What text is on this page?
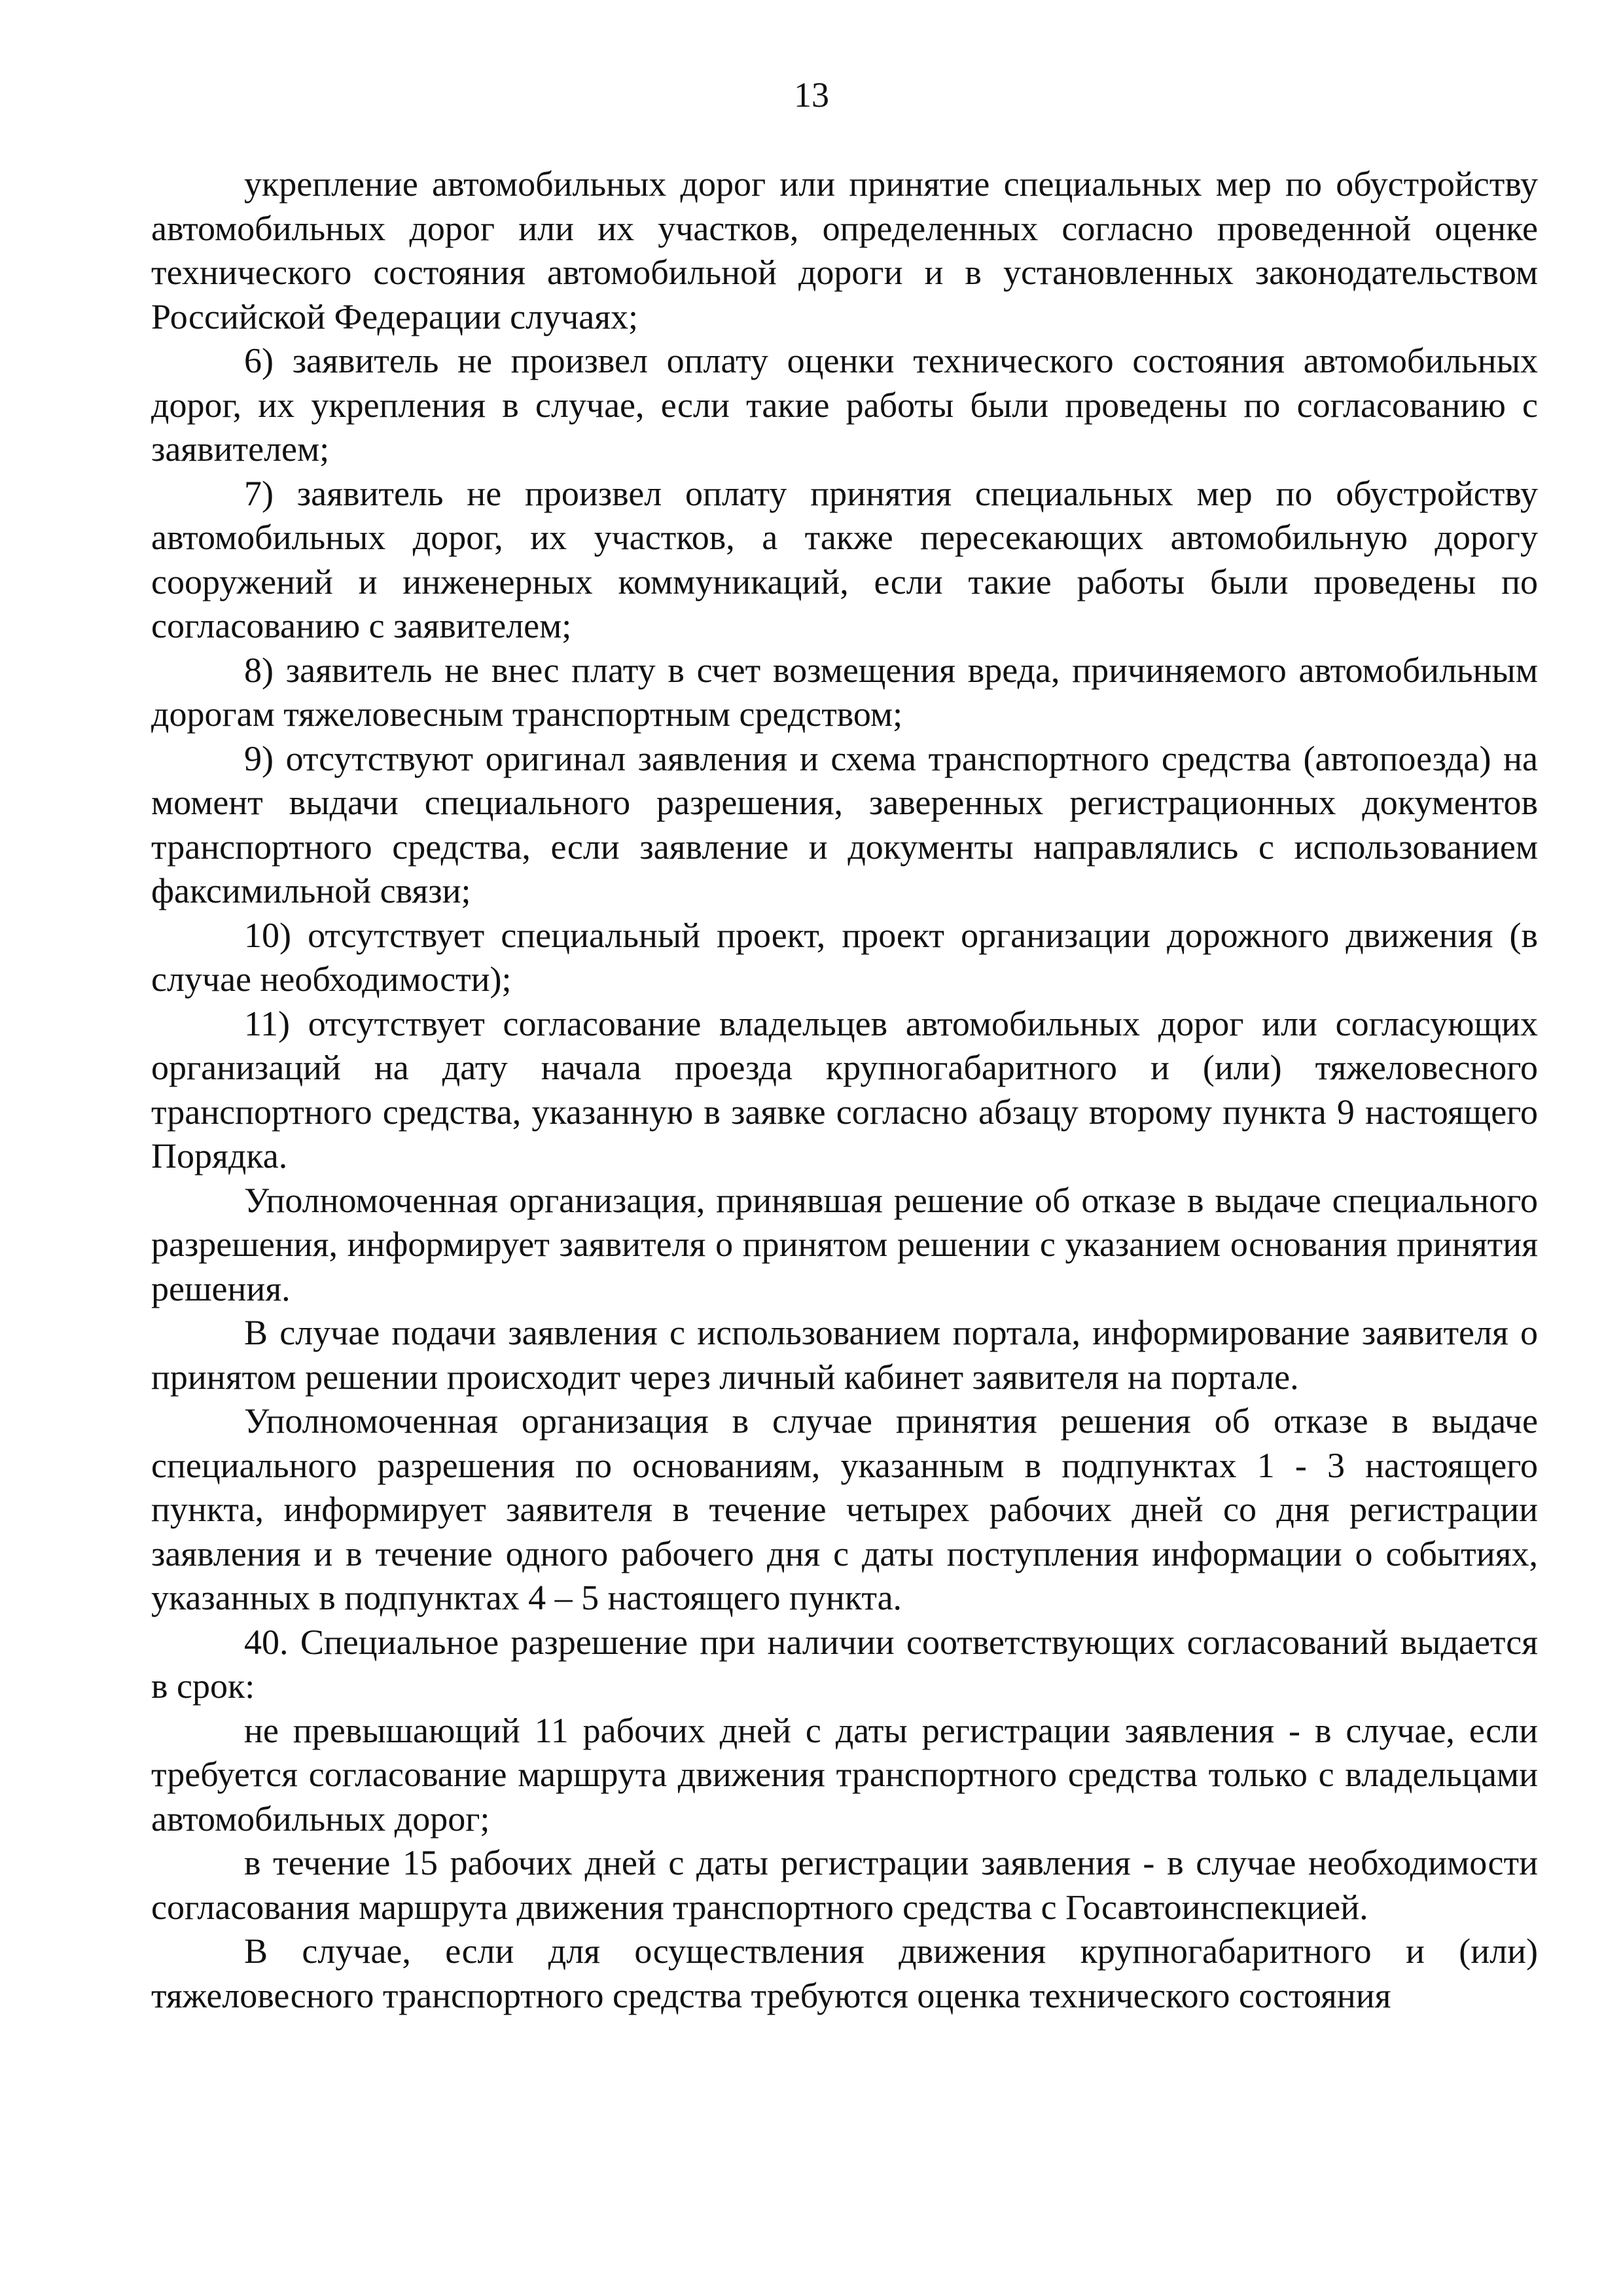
13

укрепление автомобильных дорог или принятие специальных мер по обустройству автомобильных дорог или их участков, определенных согласно проведенной оценке технического состояния автомобильной дороги и в установленных законодательством Российской Федерации случаях;

6) заявитель не произвел оплату оценки технического состояния автомобильных дорог, их укрепления в случае, если такие работы были проведены по согласованию с заявителем;

7) заявитель не произвел оплату принятия специальных мер по обустройству автомобильных дорог, их участков, а также пересекающих автомобильную дорогу сооружений и инженерных коммуникаций, если такие работы были проведены по согласованию с заявителем;

8) заявитель не внес плату в счет возмещения вреда, причиняемого автомобильным дорогам тяжеловесным транспортным средством;

9) отсутствуют оригинал заявления и схема транспортного средства (автопоезда) на момент выдачи специального разрешения, заверенных регистрационных документов транспортного средства, если заявление и документы направлялись с использованием факсимильной связи;

10) отсутствует специальный проект, проект организации дорожного движения (в случае необходимости);

11) отсутствует согласование владельцев автомобильных дорог или согласующих организаций на дату начала проезда крупногабаритного и (или) тяжеловесного транспортного средства, указанную в заявке согласно абзацу второму пункта 9 настоящего Порядка.

Уполномоченная организация, принявшая решение об отказе в выдаче специального разрешения, информирует заявителя о принятом решении с указанием основания принятия решения.

В случае подачи заявления с использованием портала, информирование заявителя о принятом решении происходит через личный кабинет заявителя на портале.

Уполномоченная организация в случае принятия решения об отказе в выдаче специального разрешения по основаниям, указанным в подпунктах 1 - 3 настоящего пункта, информирует заявителя в течение четырех рабочих дней со дня регистрации заявления и в течение одного рабочего дня с даты поступления информации о событиях, указанных в подпунктах 4 – 5 настоящего пункта.

40. Специальное разрешение при наличии соответствующих согласований выдается в срок:

не превышающий 11 рабочих дней с даты регистрации заявления - в случае, если требуется согласование маршрута движения транспортного средства только с владельцами автомобильных дорог;

в течение 15 рабочих дней с даты регистрации заявления - в случае необходимости согласования маршрута движения транспортного средства с Госавтоинспекцией.

В случае, если для осуществления движения крупногабаритного и (или) тяжеловесного транспортного средства требуются оценка технического состояния
